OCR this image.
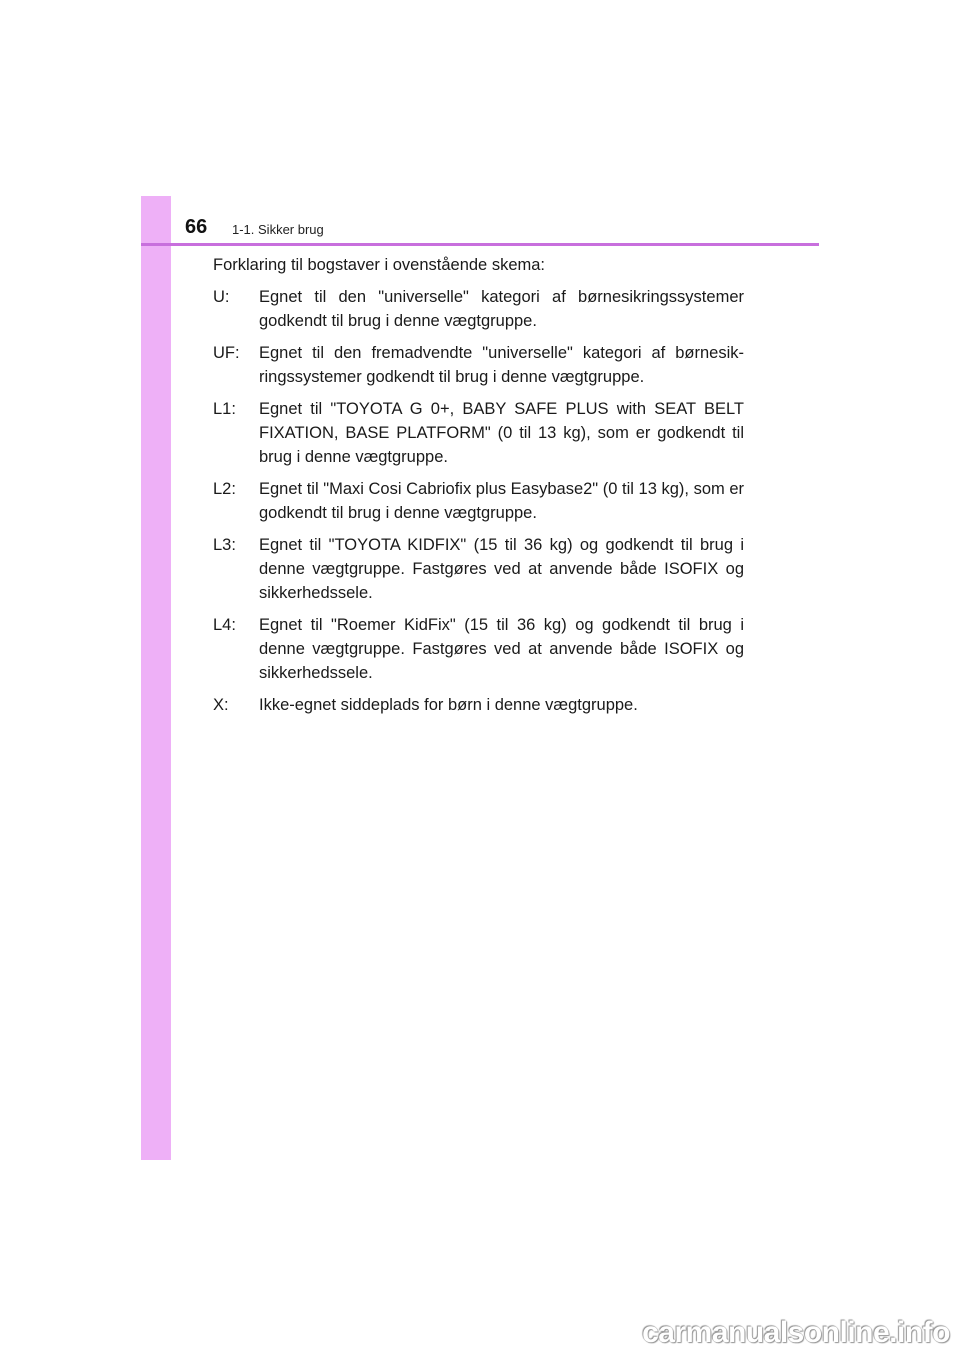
66 1-1. Sikker brug

Forklaring til bogstaver i ovenstående skema:

U: Egnet til den "universelle" kategori af børnesikringssystemer godkendt til brug i denne vægtgruppe.
UF: Egnet til den fremadvendte "universelle" kategori af børnesik-ringssystemer godkendt til brug i denne vægtgruppe.
L1: Egnet til "TOYOTA G 0+, BABY SAFE PLUS with SEAT BELT FIXATION, BASE PLATFORM" (0 til 13 kg), som er godkendt til brug i denne vægtgruppe.
L2: Egnet til "Maxi Cosi Cabriofix plus Easybase2" (0 til 13 kg), som er godkendt til brug i denne vægtgruppe.
L3: Egnet til "TOYOTA KIDFIX" (15 til 36 kg) og godkendt til brug i denne vægtgruppe. Fastgøres ved at anvende både ISOFIX og sikkerhedssele.
L4: Egnet til "Roemer KidFix" (15 til 36 kg) og godkendt til brug i denne vægtgruppe. Fastgøres ved at anvende både ISOFIX og sikkerhedssele.
X: Ikke-egnet siddeplads for børn i denne vægtgruppe.
carmanualsonline.info
